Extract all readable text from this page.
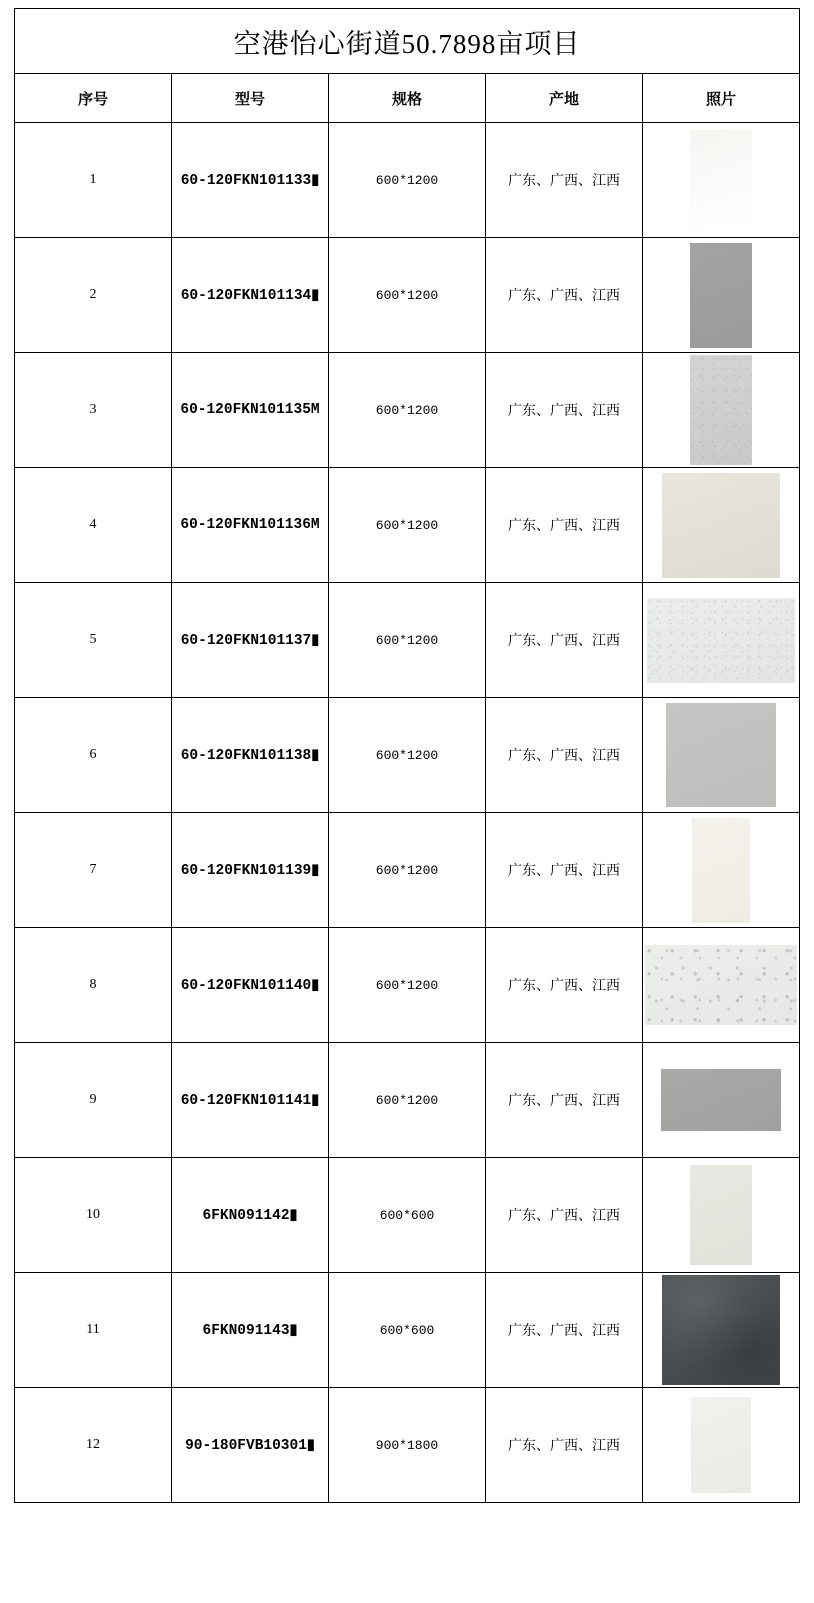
空港怡心街道50.7898亩项目				
序号	型号	规格	产地	照片
1	60-120FKN101133▮	600*1200	广东、广西、江西	

2	60-120FKN101134▮	600*1200	广东、广西、江西	

3	60-120FKN101135M	600*1200	广东、广西、江西	

4	60-120FKN101136M	600*1200	广东、广西、江西	

5	60-120FKN101137▮	600*1200	广东、广西、江西	

6	60-120FKN101138▮	600*1200	广东、广西、江西	

7	60-120FKN101139▮	600*1200	广东、广西、江西	

8	60-120FKN101140▮	600*1200	广东、广西、江西	

9	60-120FKN101141▮	600*1200	广东、广西、江西	

10	6FKN091142▮	600*600	广东、广西、江西	

11	6FKN091143▮	600*600	广东、广西、江西	

12	90-180FVB10301▮	900*1800	广东、广西、江西	
